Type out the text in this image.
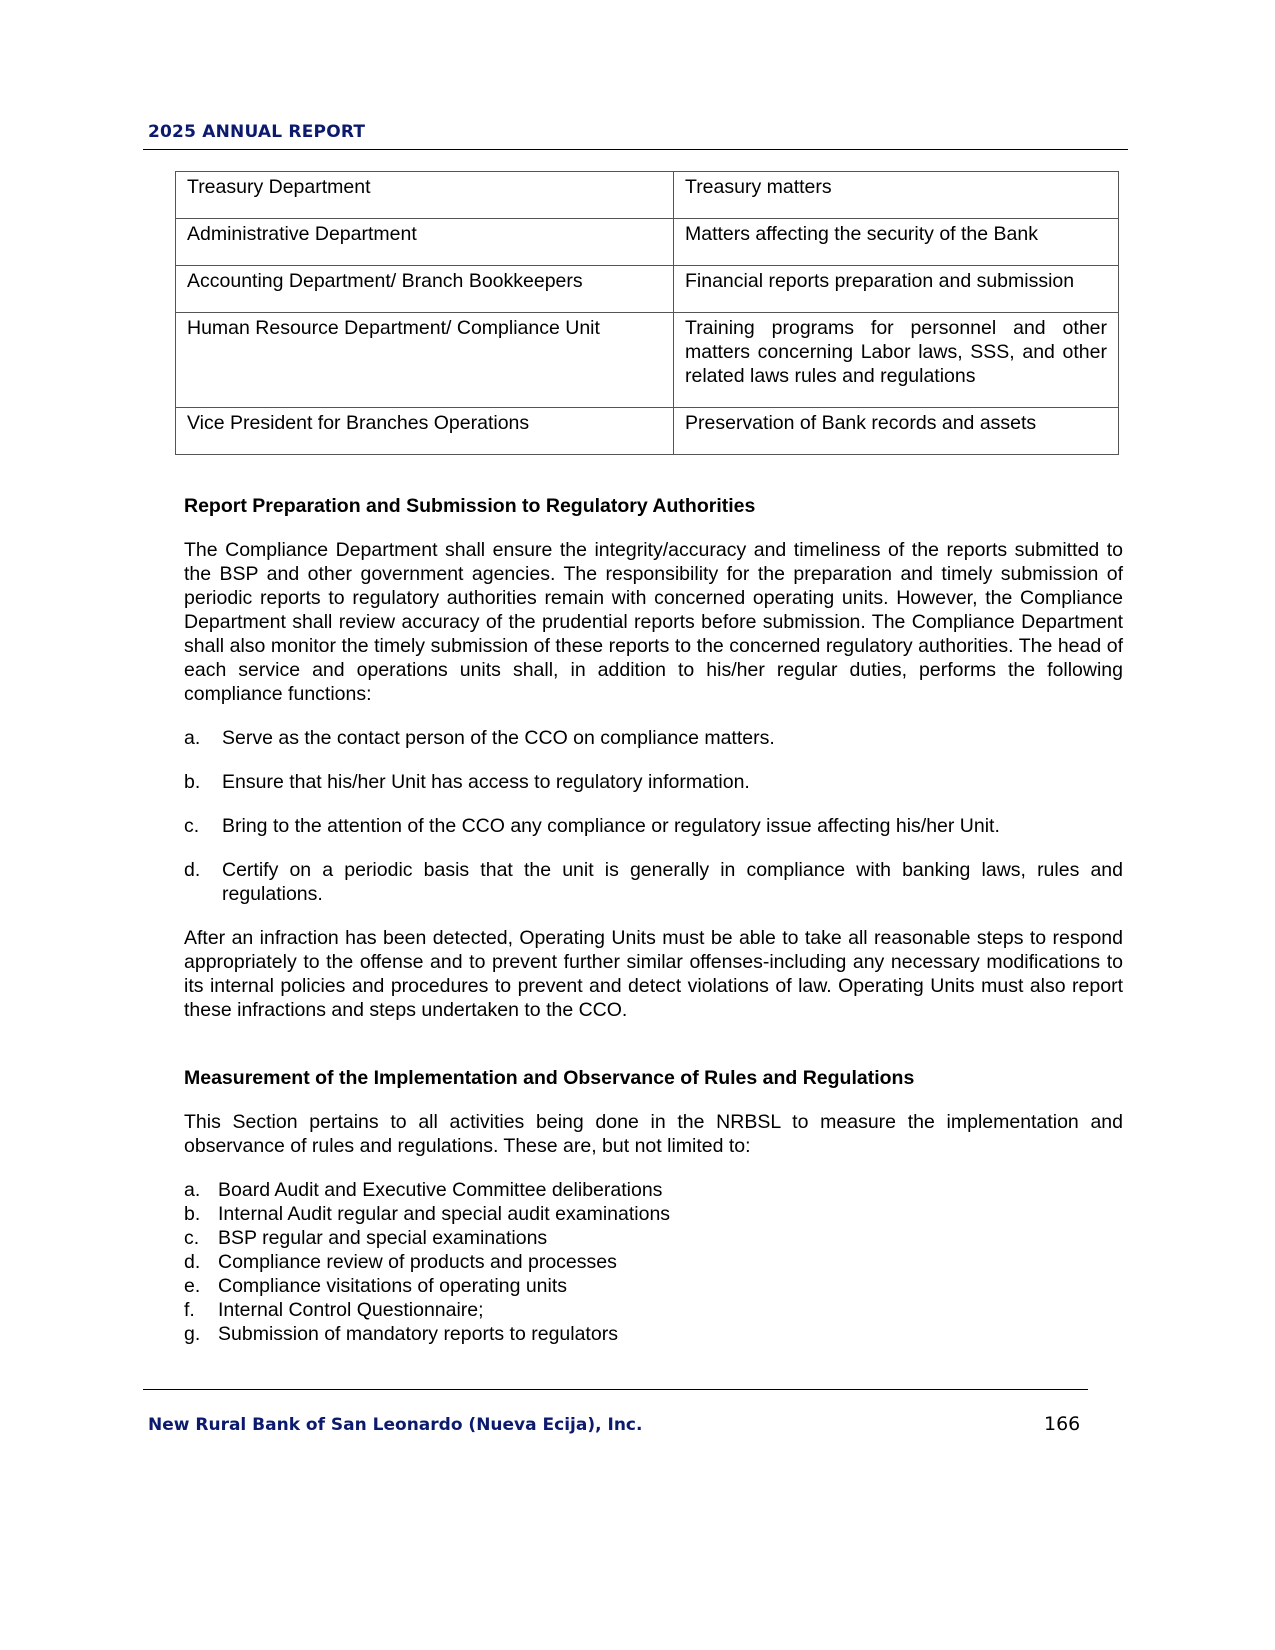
2025 ANNUAL REPORT
Treasury Department	Treasury matters
Administrative Department	Matters affecting the security of the Bank
Accounting Department/ Branch Bookkeepers	Financial reports preparation and submission
Human Resource Department/ Compliance Unit	Training programs for personnel and other matters concerning Labor laws, SSS, and other related laws rules and regulations
Vice President for Branches Operations	Preservation of Bank records and assets
Report Preparation and Submission to Regulatory Authorities

The Compliance Department shall ensure the integrity/accuracy and timeliness of the reports submitted to the BSP and other government agencies. The responsibility for the preparation and timely submission of periodic reports to regulatory authorities remain with concerned operating units. However, the Compliance Department shall review accuracy of the prudential reports before submission. The Compliance Department shall also monitor the timely submission of these reports to the concerned regulatory authorities. The head of each service and operations units shall, in addition to his/her regular duties, performs the following compliance functions:

a.	Serve as the contact person of the CCO on compliance matters.
b.	Ensure that his/her Unit has access to regulatory information.
c.	Bring to the attention of the CCO any compliance or regulatory issue affecting his/her Unit.
d.	Certify on a periodic basis that the unit is generally in compliance with banking laws, rules and regulations.

After an infraction has been detected, Operating Units must be able to take all reasonable steps to respond appropriately to the offense and to prevent further similar offenses-including any necessary modifications to its internal policies and procedures to prevent and detect violations of law. Operating Units must also report these infractions and steps undertaken to the CCO.

Measurement of the Implementation and Observance of Rules and Regulations

This Section pertains to all activities being done in the NRBSL to measure the implementation and observance of rules and regulations. These are, but not limited to:

a. Board Audit and Executive Committee deliberations
b. Internal Audit regular and special audit examinations
c. BSP regular and special examinations
d. Compliance review of products and processes
e. Compliance visitations of operating units
f.	Internal Control Questionnaire;
g. Submission of mandatory reports to regulators
New Rural Bank of San Leonardo (Nueva Ecija), Inc.	166
